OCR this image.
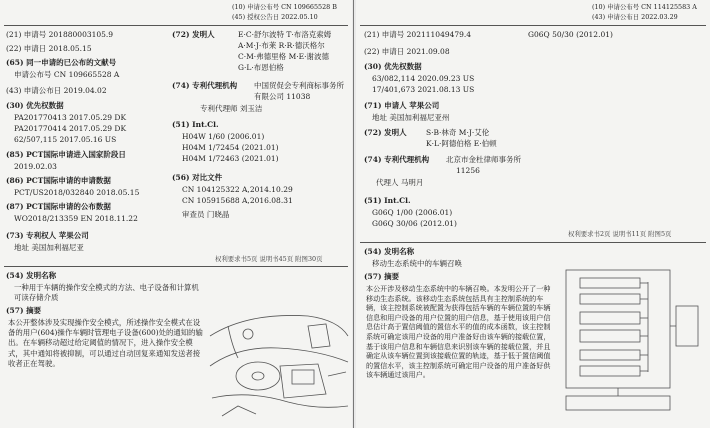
(10) 申请公布号 CN 109665528 B
(45) 授权公告日 2022.05.10
(21) 申请号 201880003105.9
(22) 申请日 2018.05.15
(65) 同一申请的已公布的文献号
申请公布号 CN 109665528 A
(43) 申请公布日 2019.04.02
(30) 优先权数据
PA201770413 2017.05.29 DK
PA201770414 2017.05.29 DK
62/507,115 2017.05.16 US
(85) PCT国际申请进入国家阶段日
2019.02.03
(86) PCT国际申请的申请数据
PCT/US2018/032840 2018.05.15
(87) PCT国际申请的公布数据
WO2018/213359 EN 2018.11.22
(73) 专利权人 苹果公司
地址 美国加利福尼亚
(72) 发明人	E·C·舒尔波特 T·布洛克索姆
A·M·J·布莱 R·R·德沃格尔
C·M·弗德里格 M·E·谢波德
G·L·布恩伯格
(74) 专利代理机构 中国贸促会专利商标事务所
有限公司 11038
专利代理师 刘玉洁
(51) Int.Cl.
H04W 1/60 (2006.01)
H04M 1/72454 (2021.01)
H04M 1/72463 (2021.01)
(56) 对比文件
CN 104125322 A,2014.10.29
CN 105915688 A,2016.08.31
审查员 门晓晶
权利要求书5页 说明书45页 附图30页
(54) 发明名称
一种用于车辆的操作安全模式的方法、电子设备和计算机可读存储介质
(57) 摘要
本公开整体涉及实现操作安全模式，所述操作安全模式在设备的用户(604)操作车辆时管理电子设备(600)处的通知的输出。在车辆移动超过给定阈值的情况下，进入操作安全模式，其中通知将被抑制，可以通过自动回复来通知发送者接收者正在驾驶。
(10) 申请公布号 CN 114125583 A
(43) 申请公布日 2022.03.29
(21) 申请号 202111049479.4
(22) 申请日 2021.09.08
(30) 优先权数据
63/082,114 2020.09.23 US
17/401,673 2021.08.13 US
(71) 申请人 苹果公司
地址 美国加利福尼亚州
(72) 发明人	S·B·林奇 M·J·艾伦
K·L·阿德伯格 E·伯顿
(74) 专利代理机构 北京市金杜律师事务所
11256
代理人 马明月
(51) Int.Cl.
G06Q 1/00 (2006.01)
G06Q 30/06 (2012.01)
G06Q 50/30 (2012.01)
权利要求书2页 说明书11页 附图5页
(54) 发明名称
移动生态系统中的车辆召唤
(57) 摘要
本公开涉及移动生态系统中的车辆召唤。本发明公开了一种移动生态系统。该移动生态系统包括具有主控制系统的车辆，该主控制系统被配置为获得包括车辆的车辆位置的车辆信息和用户设备的用户位置的用户信息，基于使用该用户信息估计高于置信阈值的置信水平的值的成本函数，该主控制系统可确定该用户设备的用户准备好由该车辆的接载位置，基于该用户信息和车辆信息来识别该车辆的接载位置，并且确定从该车辆位置到该接载位置的轨迹，基于低于置信阈值的置信水平，该主控制系统可确定用户设备的用户准备好供该车辆通过该用户。
